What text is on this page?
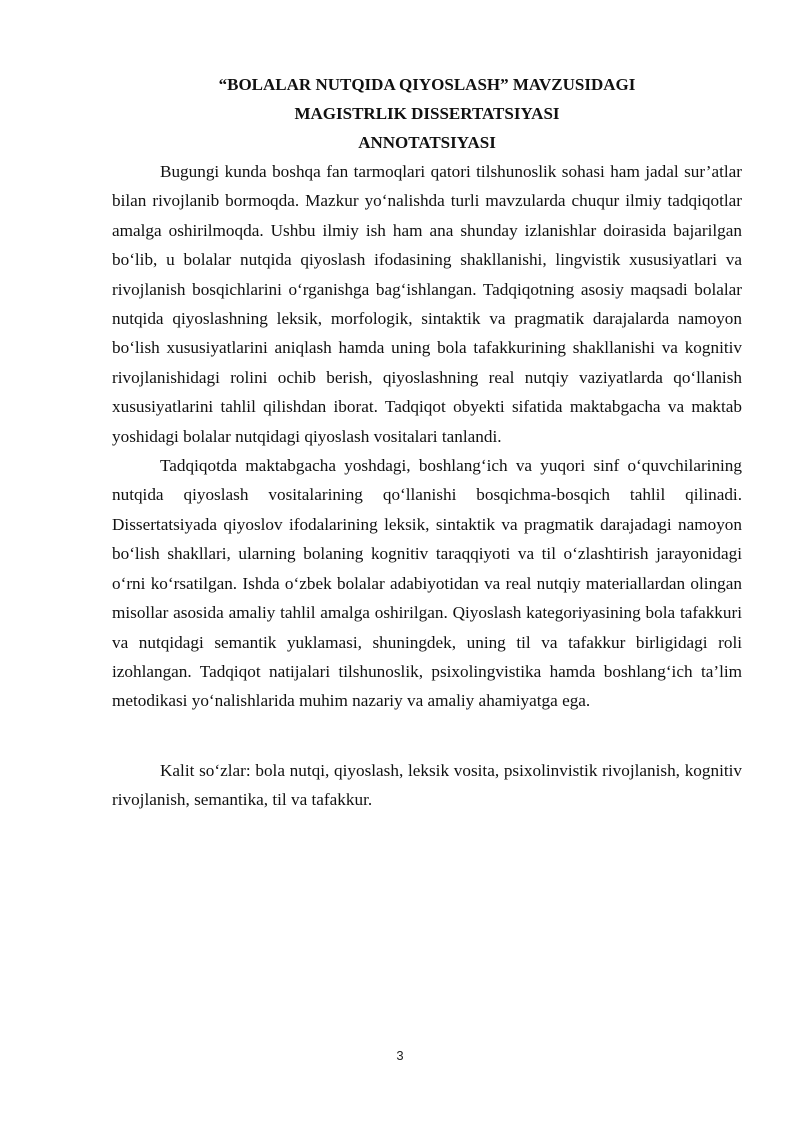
“BOLALAR NUTQIDA QIYOSLASH” MAVZUSIDAGI

MAGISTRLIK DISSERTATSIYASI

ANNOTATSIYASI

Bugungi kunda boshqa fan tarmoqlari qatori tilshunoslik sohasi ham jadal sur’atlar bilan rivojlanib bormoqda. Mazkur yo‘nalishda turli mavzularda chuqur ilmiy tadqiqotlar amalga oshirilmoqda. Ushbu ilmiy ish ham ana shunday izlanishlar doirasida bajarilgan bo‘lib, u bolalar nutqida qiyoslash ifodasining shakllanishi, lingvistik xususiyatlari va rivojlanish bosqichlarini o‘rganishga bag‘ishlangan. Tadqiqotning asosiy maqsadi bolalar nutqida qiyoslashning leksik, morfologik, sintaktik va pragmatik darajalarda namoyon bo‘lish xususiyatlarini aniqlash hamda uning bola tafakkurining shakllanishi va kognitiv rivojlanishidagi rolini ochib berish, qiyoslashning real nutqiy vaziyatlarda qo‘llanish xususiyatlarini tahlil qilishdan iborat. Tadqiqot obyekti sifatida maktabgacha va maktab yoshidagi bolalar nutqidagi qiyoslash vositalari tanlandi.

Tadqiqotda maktabgacha yoshdagi, boshlang‘ich va yuqori sinf o‘quvchilarining nutqida qiyoslash vositalarining qo‘llanishi bosqichma-bosqich tahlil qilinadi. Dissertatsiyada qiyoslov ifodalarining leksik, sintaktik va pragmatik darajadagi namoyon bo‘lish shakllari, ularning bolaning kognitiv taraqqiyoti va til o‘zlashtirish jarayonidagi o‘rni ko‘rsatilgan. Ishda o‘zbek bolalar adabiyotidan va real nutqiy materiallardan olingan misollar asosida amaliy tahlil amalga oshirilgan. Qiyoslash kategoriyasining bola tafakkuri va nutqidagi semantik yuklamasi, shuningdek, uning til va tafakkur birligidagi roli izohlangan. Tadqiqot natijalari tilshunoslik, psixolingvistika hamda boshlang‘ich ta’lim metodikasi yo‘nalishlarida muhim nazariy va amaliy ahamiyatga ega.

Kalit so‘zlar: bola nutqi, qiyoslash, leksik vosita, psixolinvistik rivojlanish, kognitiv rivojlanish, semantika, til va tafakkur.

3
